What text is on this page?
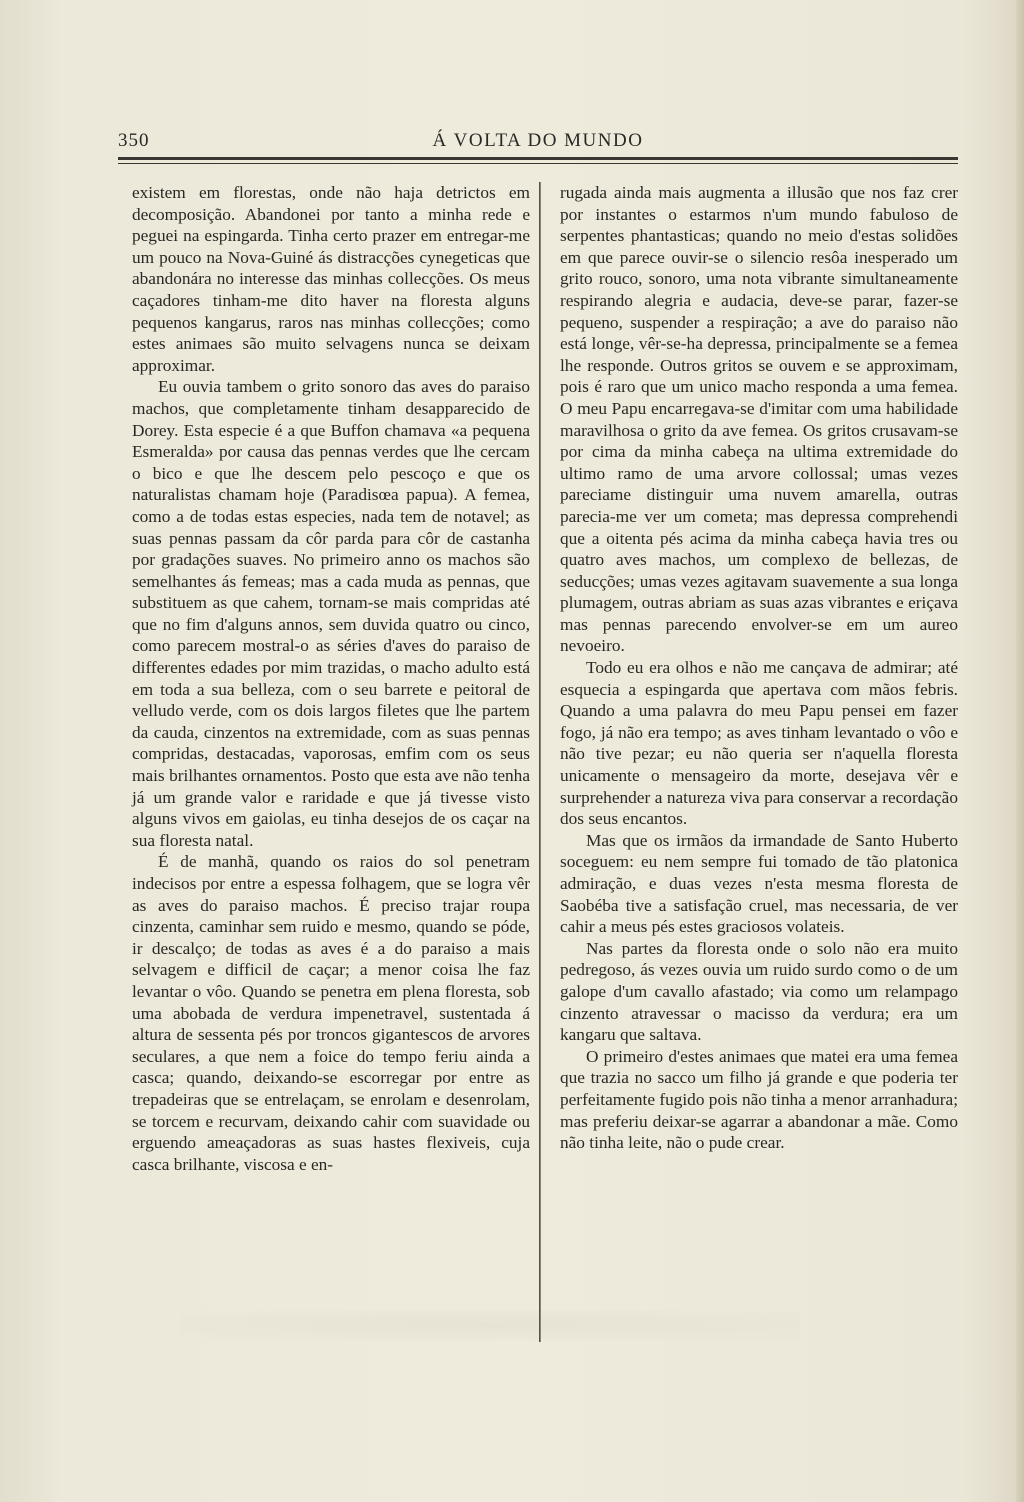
350	Á VOLTA DO MUNDO

existem em florestas, onde não haja detrictos em decomposição. Abandonei por tanto a minha rede e peguei na espingarda. Tinha certo prazer em entregar-me um pouco na Nova-Guiné ás distracções cynegeticas que abandonára no interesse das minhas collecções. Os meus caçadores tinham-me dito haver na floresta alguns pequenos kangarus, raros nas minhas collecções; como estes animaes são muito selvagens nunca se deixam approximar.

Eu ouvia tambem o grito sonoro das aves do paraiso machos, que completamente tinham desapparecido de Dorey. Esta especie é a que Buffon chamava «a pequena Esmeralda» por causa das pennas verdes que lhe cercam o bico e que lhe descem pelo pescoço e que os naturalistas chamam hoje (Paradisœa papua). A femea, como a de todas estas especies, nada tem de notavel; as suas pennas passam da côr parda para côr de castanha por gradações suaves. No primeiro anno os machos são semelhantes ás femeas; mas a cada muda as pennas, que substituem as que cahem, tornam-se mais compridas até que no fim d'alguns annos, sem duvida quatro ou cinco, como parecem mostral-o as séries d'aves do paraiso de differentes edades por mim trazidas, o macho adulto está em toda a sua belleza, com o seu barrete e peitoral de velludo verde, com os dois largos filetes que lhe partem da cauda, cinzentos na extremidade, com as suas pennas compridas, destacadas, vaporosas, emfim com os seus mais brilhantes ornamentos. Posto que esta ave não tenha já um grande valor e raridade e que já tivesse visto alguns vivos em gaiolas, eu tinha desejos de os caçar na sua floresta natal.

É de manhã, quando os raios do sol penetram indecisos por entre a espessa folhagem, que se logra vêr as aves do paraiso machos. É preciso trajar roupa cinzenta, caminhar sem ruido e mesmo, quando se póde, ir descalço; de todas as aves é a do paraiso a mais selvagem e difficil de caçar; a menor coisa lhe faz levantar o vôo. Quando se penetra em plena floresta, sob uma abobada de verdura impenetravel, sustentada á altura de sessenta pés por troncos gigantescos de arvores seculares, a que nem a foice do tempo feriu ainda a casca; quando, deixando-se escorregar por entre as trepadeiras que se entrelaçam, se enrolam e desenrolam, se torcem e recurvam, deixando cahir com suavidade ou erguendo ameaçadoras as suas hastes flexiveis, cuja casca brilhante, viscosa e en-

rugada ainda mais augmenta a illusão que nos faz crer por instantes o estarmos n'um mundo fabuloso de serpentes phantasticas; quando no meio d'estas solidões em que parece ouvir-se o silencio resôa inesperado um grito rouco, sonoro, uma nota vibrante simultaneamente respirando alegria e audacia, deve-se parar, fazer-se pequeno, suspender a respiração; a ave do paraiso não está longe, vêr-se-ha depressa, principalmente se a femea lhe responde. Outros gritos se ouvem e se approximam, pois é raro que um unico macho responda a uma femea. O meu Papu encarregava-se d'imitar com uma habilidade maravilhosa o grito da ave femea. Os gritos crusavam-se por cima da minha cabeça na ultima extremidade do ultimo ramo de uma arvore collossal; umas vezes pareciame distinguir uma nuvem amarella, outras parecia-me ver um cometa; mas depressa comprehendi que a oitenta pés acima da minha cabeça havia tres ou quatro aves machos, um complexo de bellezas, de seducções; umas vezes agitavam suavemente a sua longa plumagem, outras abriam as suas azas vibrantes e eriçava mas pennas parecendo envolver-se em um aureo nevoeiro.

Todo eu era olhos e não me cançava de admirar; até esquecia a espingarda que apertava com mãos febris. Quando a uma palavra do meu Papu pensei em fazer fogo, já não era tempo; as aves tinham levantado o vôo e não tive pezar; eu não queria ser n'aquella floresta unicamente o mensageiro da morte, desejava vêr e surprehender a natureza viva para conservar a recordação dos seus encantos.

Mas que os irmãos da irmandade de Santo Huberto soceguem: eu nem sempre fui tomado de tão platonica admiração, e duas vezes n'esta mesma floresta de Saobéba tive a satisfação cruel, mas necessaria, de ver cahir a meus pés estes graciosos volateis.

Nas partes da floresta onde o solo não era muito pedregoso, ás vezes ouvia um ruido surdo como o de um galope d'um cavallo afastado; via como um relampago cinzento atravessar o macisso da verdura; era um kangaru que saltava.

O primeiro d'estes animaes que matei era uma femea que trazia no sacco um filho já grande e que poderia ter perfeitamente fugido pois não tinha a menor arranhadura; mas preferiu deixar-se agarrar a abandonar a mãe. Como não tinha leite, não o pude crear.
